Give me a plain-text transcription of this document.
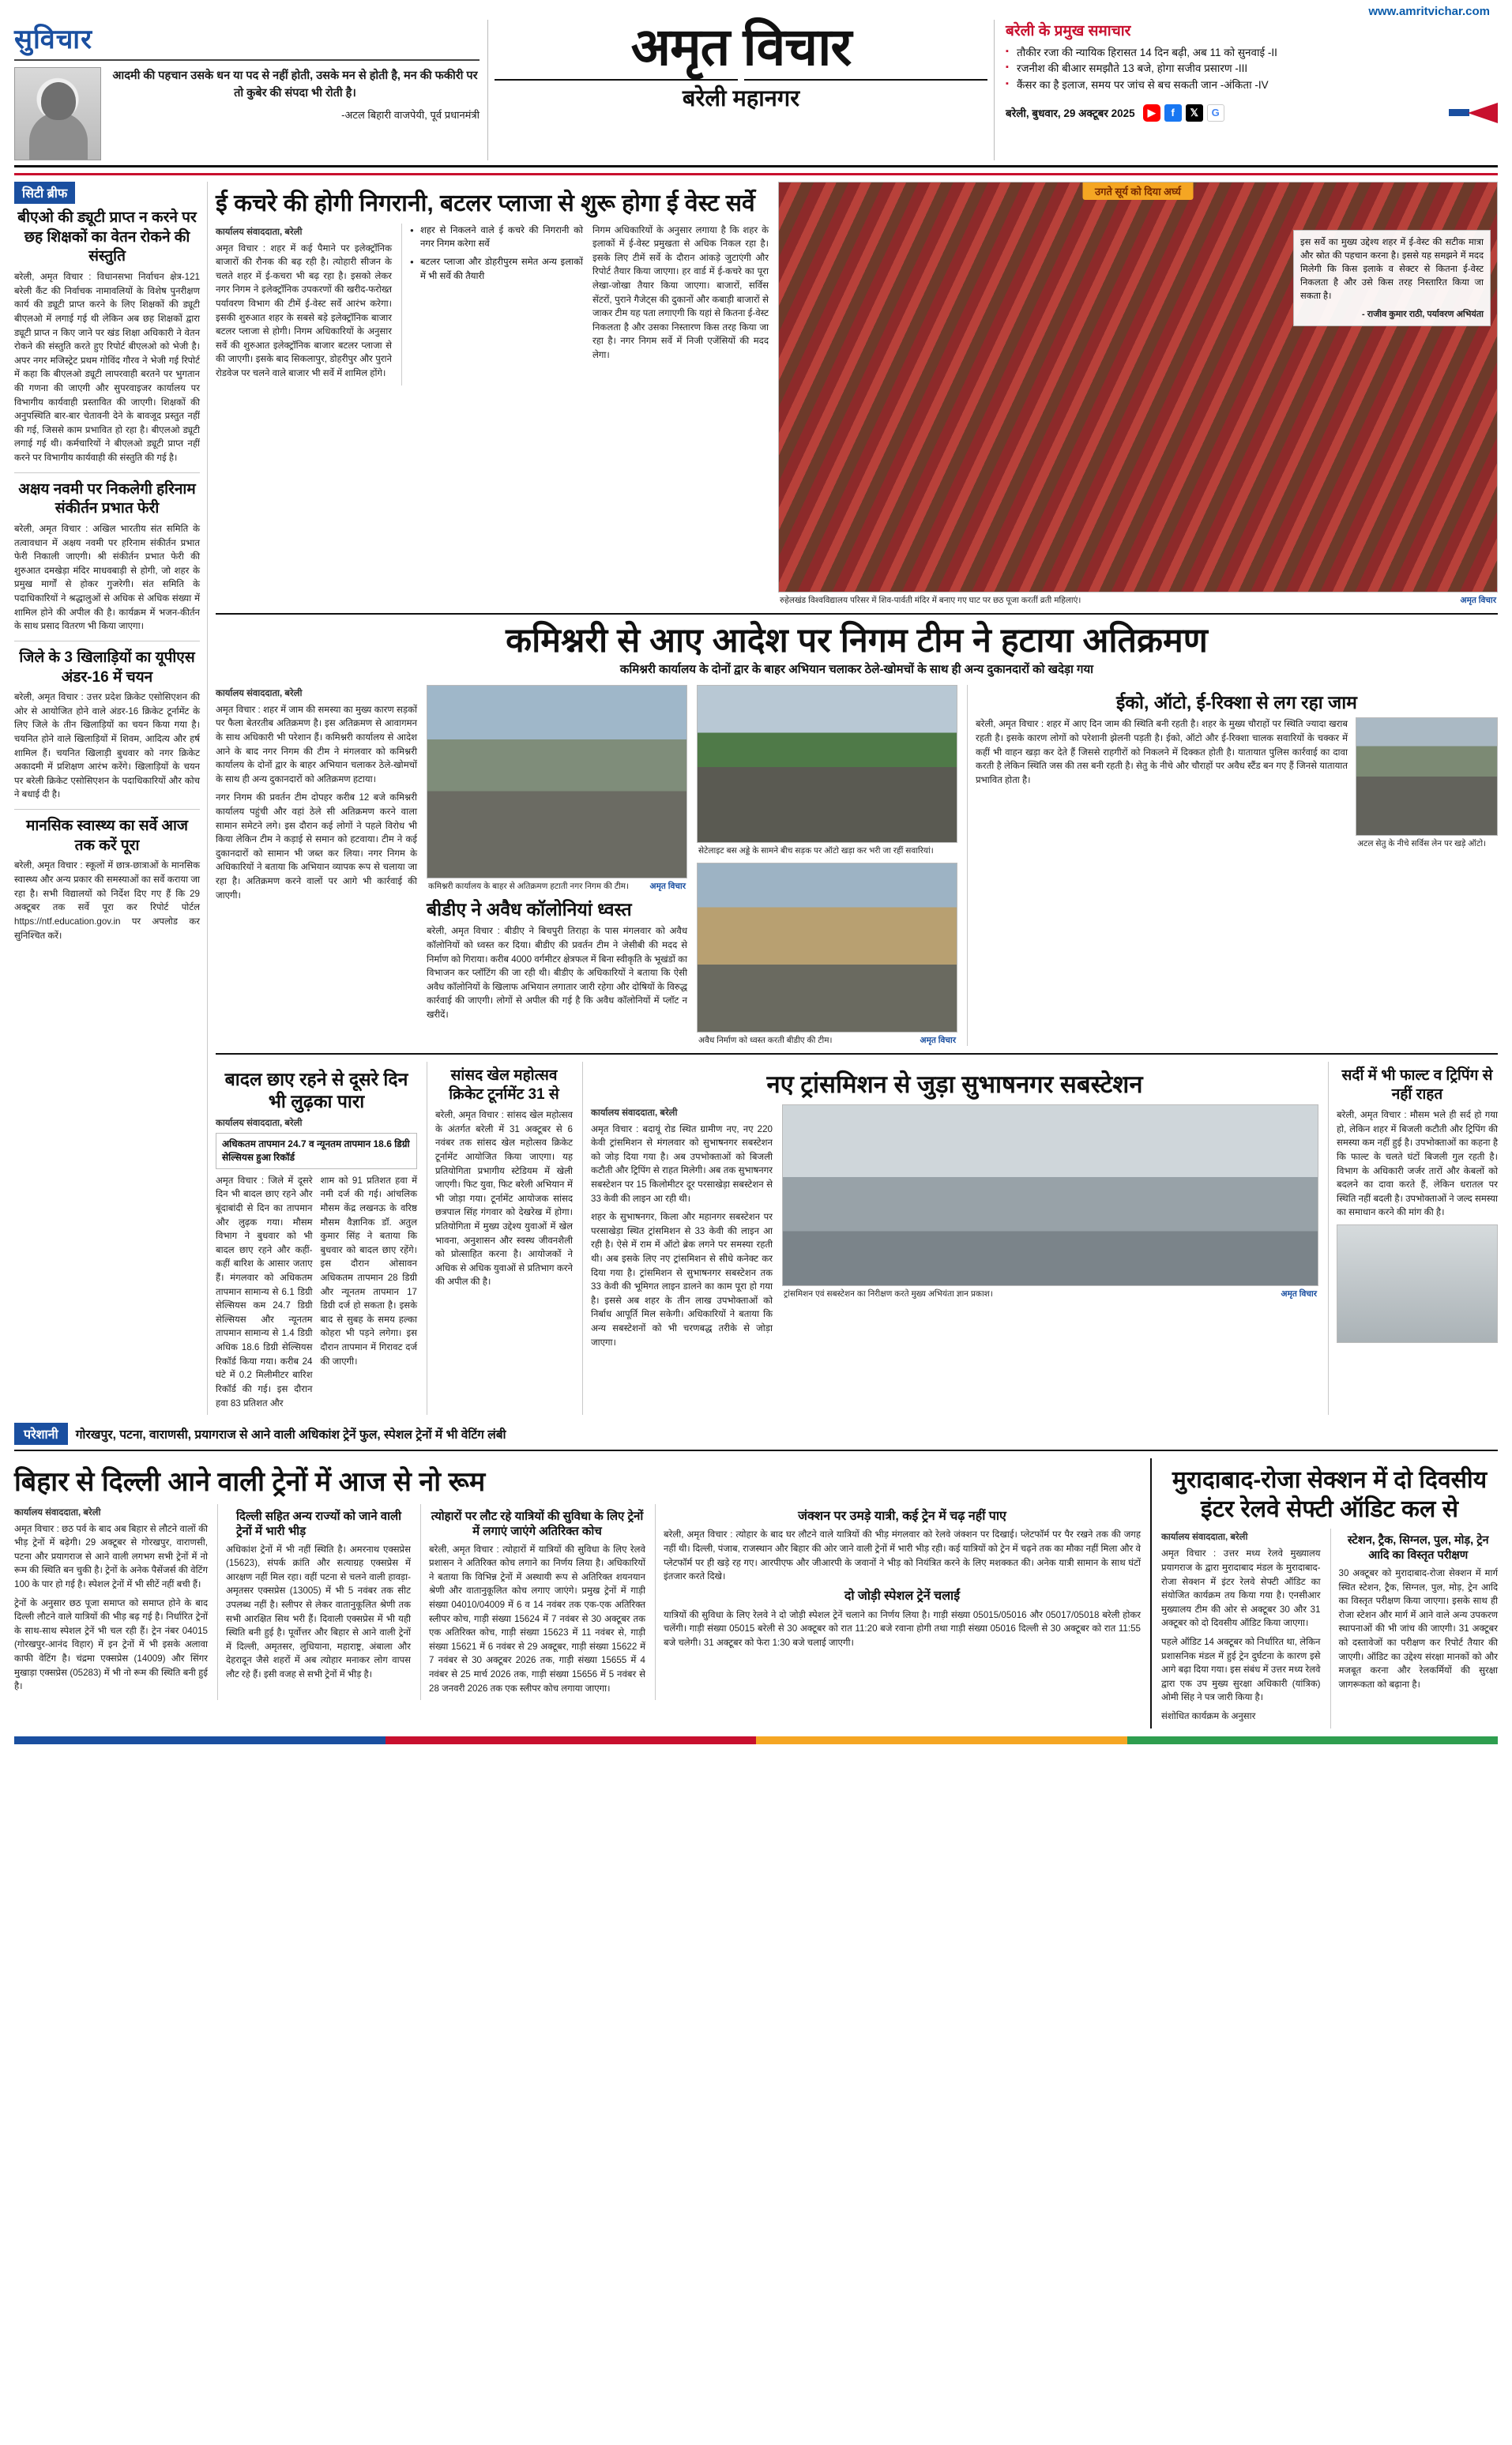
www.amritvichar.com
सुविचार
आदमी की पहचान उसके धन या पद से नहीं होती, उसके मन से होती है, मन की फकीरी पर तो कुबेर की संपदा भी रोती है।
-अटल बिहारी वाजपेयी, पूर्व प्रधानमंत्री
अमृत विचार
बरेली महानगर
बरेली के प्रमुख समाचार
▪ तौकीर रजा की न्यायिक हिरासत 14 दिन बढ़ी, अब 11 को सुनवाई -II
▪ रजनीश की बीआर समझौते 13 बजे, होगा सजीव प्रसारण -III
▪ कैंसर का है इलाज, समय पर जांच से बच सकती जान -अंकिता -IV
बरेली, बुधवार, 29 अक्टूबर 2025	▶	f	𝕏	G
सिटी ब्रीफ
बीएओ की ड्यूटी प्राप्त न करने पर छह शिक्षकों का वेतन रोकने की संस्तुति

बरेली, अमृत विचार : विधानसभा निर्वाचन क्षेत्र-121 बरेली कैंट की निर्वाचक नामावलियों के विशेष पुनरीक्षण कार्य की ड्यूटी प्राप्त करने के लिए शिक्षकों की ड्यूटी बीएलओ में लगाई गई थी लेकिन अब छह शिक्षकों द्वारा ड्यूटी प्राप्त न किए जाने पर खंड शिक्षा अधिकारी ने वेतन रोकने की संस्तुति करते हुए रिपोर्ट बीएलओ को भेजी है। अपर नगर मजिस्ट्रेट प्रथम गोविंद गौरव ने भेजी गई रिपोर्ट में कहा कि बीएलओ ड्यूटी लापरवाही बरतने पर भुगतान की गणना की जाएगी और सुपरवाइजर कार्यालय पर विभागीय कार्यवाही प्रस्तावित की जाएगी। शिक्षकों की अनुपस्थिति बार-बार चेतावनी देने के बावजूद प्रस्तुत नहीं की गई, जिससे काम प्रभावित हो रहा है। बीएलओ ड्यूटी लगाई गई थी। कर्मचारियों ने बीएलओ ड्यूटी प्राप्त नहीं करने पर विभागीय कार्यवाही की संस्तुति की गई है।

अक्षय नवमी पर निकलेगी हरिनाम संकीर्तन प्रभात फेरी

बरेली, अमृत विचार : अखिल भारतीय संत समिति के तत्वावधान में अक्षय नवमी पर हरिनाम संकीर्तन प्रभात फेरी निकाली जाएगी। श्री संकीर्तन प्रभात फेरी की शुरुआत दमखेड़ा मंदिर माधवबाड़ी से होगी, जो शहर के प्रमुख मार्गों से होकर गुजरेगी। संत समिति के पदाधिकारियों ने श्रद्धालुओं से अधिक से अधिक संख्या में शामिल होने की अपील की है। कार्यक्रम में भजन-कीर्तन के साथ प्रसाद वितरण भी किया जाएगा।

जिले के 3 खिलाड़ियों का यूपीएस अंडर-16 में चयन

बरेली, अमृत विचार : उत्तर प्रदेश क्रिकेट एसोसिएशन की ओर से आयोजित होने वाले अंडर-16 क्रिकेट टूर्नामेंट के लिए जिले के तीन खिलाड़ियों का चयन किया गया है। चयनित होने वाले खिलाड़ियों में शिवम, आदित्य और हर्ष शामिल हैं। चयनित खिलाड़ी बुधवार को नगर क्रिकेट अकादमी में प्रशिक्षण आरंभ करेंगे। खिलाड़ियों के चयन पर बरेली क्रिकेट एसोसिएशन के पदाधिकारियों और कोच ने बधाई दी है।

मानसिक स्वास्थ्य का सर्वे आज तक करें पूरा

बरेली, अमृत विचार : स्कूलों में छात्र-छात्राओं के मानसिक स्वास्थ्य और अन्य प्रकार की समस्याओं का सर्वे कराया जा रहा है। सभी विद्यालयों को निर्देश दिए गए हैं कि 29 अक्टूबर तक सर्वे पूरा कर रिपोर्ट पोर्टल https://ntf.education.gov.in पर अपलोड कर सुनिश्चित करें।

ई कचरे की होगी निगरानी, बटलर प्लाजा से शुरू होगा ई वेस्ट सर्वे
कार्यालय संवाददाता, बरेली

अमृत विचार : शहर में कई पैमाने पर इलेक्ट्रॉनिक बाजारों की रौनक की बढ़ रही है। त्योहारी सीजन के चलते शहर में ई-कचरा भी बढ़ रहा है। इसको लेकर नगर निगम ने इलेक्ट्रॉनिक उपकरणों की खरीद-फरोख्त पर्यावरण विभाग की टीमें ई-वेस्ट सर्वे आरंभ करेगा। इसकी शुरुआत शहर के सबसे बड़े इलेक्ट्रॉनिक बाजार बटलर प्लाजा से होगी। निगम अधिकारियों के अनुसार सर्वे की शुरुआत इलेक्ट्रॉनिक बाजार बटलर प्लाजा से की जाएगी। इसके बाद सिकलापुर, डोहरीपुर और पुराने रोडवेज पर चलने वाले बाजार भी सर्वे में शामिल होंगे।

● शहर से निकलने वाले ई कचरे की निगरानी को नगर निगम करेगा सर्वे
● बटलर प्लाजा और डोहरीपुरम समेत अन्य इलाकों में भी सर्वे की तैयारी

निगम अधिकारियों के अनुसार लगाया है कि शहर के इलाकों में ई-वेस्ट प्रमुखता से अधिक निकल रहा है। इसके लिए टीमें सर्वे के दौरान आंकड़े जुटाएंगी और रिपोर्ट तैयार किया जाएगा। हर वार्ड में ई-कचरे का पूरा लेखा-जोखा तैयार किया जाएगा। बाजारों, सर्विस सेंटरों, पुराने गैजेट्स की दुकानों और कबाड़ी बाजारों से जाकर टीम यह पता लगाएगी कि यहां से कितना ई-वेस्ट निकलता है और उसका निस्तारण किस तरह किया जा रहा है। नगर निगम सर्वे में निजी एजेंसियों की मदद लेगा।

उगते सूर्य को दिया अर्घ्य

इस सर्वे का मुख्य उद्देश्य शहर में ई-वेस्ट की सटीक मात्रा और स्रोत की पहचान करना है। इससे यह समझने में मदद मिलेगी कि किस इलाके व सेक्टर से कितना ई-वेस्ट निकलता है और उसे किस तरह निस्तारित किया जा सकता है।

- राजीव कुमार राठी, पर्यावरण अभियंता
रुहेलखंड विश्वविद्यालय परिसर में शिव-पार्वती मंदिर में बनाए गए घाट पर छठ पूजा करतीं व्रती महिलाएं।	अमृत विचार
कमिश्नरी से आए आदेश पर निगम टीम ने हटाया अतिक्रमण
कमिश्नरी कार्यालय के दोनों द्वार के बाहर अभियान चलाकर ठेले-खोमचों के साथ ही अन्य दुकानदारों को खदेड़ा गया
कार्यालय संवाददाता, बरेली

अमृत विचार : शहर में जाम की समस्या का मुख्य कारण सड़कों पर फैला बेतरतीब अतिक्रमण है। इस अतिक्रमण से आवागमन के साथ अधिकारी भी परेशान हैं। कमिश्नरी कार्यालय से आदेश आने के बाद नगर निगम की टीम ने मंगलवार को कमिश्नरी कार्यालय के दोनों द्वार के बाहर अभियान चलाकर ठेले-खोमचों के साथ ही अन्य दुकानदारों को अतिक्रमण हटाया।

नगर निगम की प्रवर्तन टीम दोपहर करीब 12 बजे कमिश्नरी कार्यालय पहुंची और वहां ठेले सी अतिक्रमण करने वाला सामान समेटने लगे। इस दौरान कई लोगों ने पहले विरोध भी किया लेकिन टीम ने कड़ाई से समान को हटवाया। टीम ने कई दुकानदारों को सामान भी जब्त कर लिया। नगर निगम के अधिकारियों ने बताया कि अभियान व्यापक रूप से चलाया जा रहा है। अतिक्रमण करने वालों पर आगे भी कार्रवाई की जाएगी।

कमिश्नरी कार्यालय के बाहर से अतिक्रमण हटाती नगर निगम की टीम।	अमृत विचार
बीडीए ने अवैध कॉलोनियां ध्वस्त

बरेली, अमृत विचार : बीडीए ने बिचपुरी तिराहा के पास मंगलवार को अवैध कॉलोनियों को ध्वस्त कर दिया। बीडीए की प्रवर्तन टीम ने जेसीबी की मदद से निर्माण को गिराया। करीब 4000 वर्गमीटर क्षेत्रफल में बिना स्वीकृति के भूखंडों का विभाजन कर प्लॉटिंग की जा रही थी। बीडीए के अधिकारियों ने बताया कि ऐसी अवैध कॉलोनियों के खिलाफ अभियान लगातार जारी रहेगा और दोषियों के विरुद्ध कार्रवाई की जाएगी। लोगों से अपील की गई है कि अवैध कॉलोनियों में प्लॉट न खरीदें।

सेटेलाइट बस अड्डे के सामने बीच सड़क पर ऑटो खड़ा कर भरी जा रहीं सवारियां।
अवैध निर्माण को ध्वस्त करती बीडीए की टीम।	अमृत विचार
ईको, ऑटो, ई-रिक्शा से लग रहा जाम

बरेली, अमृत विचार : शहर में आए दिन जाम की स्थिति बनी रहती है। शहर के मुख्य चौराहों पर स्थिति ज्यादा खराब रहती है। इसके कारण लोगों को परेशानी झेलनी पड़ती है। ईको, ऑटो और ई-रिक्शा चालक सवारियों के चक्कर में कहीं भी वाहन खड़ा कर देते हैं जिससे राहगीरों को निकलने में दिक्कत होती है। यातायात पुलिस कार्रवाई का दावा करती है लेकिन स्थिति जस की तस बनी रहती है। सेतु के नीचे और चौराहों पर अवैध स्टैंड बन गए हैं जिनसे यातायात प्रभावित होता है।

अटल सेतु के नीचे सर्विस लेन पर खड़े ऑटो।
बादल छाए रहने से दूसरे दिन भी लुढ़का पारा
कार्यालय संवाददाता, बरेली
अधिकतम तापमान 24.7 व न्यूनतम तापमान 18.6 डिग्री सेल्सियस हुआ रिकॉर्ड

अमृत विचार : जिले में दूसरे दिन भी बादल छाए रहने और बूंदाबांदी से दिन का तापमान और लुढ़क गया। मौसम विभाग ने बुधवार को भी बादल छाए रहने और कहीं-कहीं बारिश के आसार जताए हैं। मंगलवार को अधिकतम तापमान सामान्य से 6.1 डिग्री सेल्सियस कम 24.7 डिग्री सेल्सियस और न्यूनतम तापमान सामान्य से 1.4 डिग्री अधिक 18.6 डिग्री सेल्सियस रिकॉर्ड किया गया। करीब 24 घंटे में 0.2 मिलीमीटर बारिश रिकॉर्ड की गई। इस दौरान हवा 83 प्रतिशत और

शाम को 91 प्रतिशत हवा में नमी दर्ज की गई। आंचलिक मौसम केंद्र लखनऊ के वरिष्ठ मौसम वैज्ञानिक डॉ. अतुल कुमार सिंह ने बताया कि बुधवार को बादल छाए रहेंगे। इस दौरान ओसावन अधिकतम तापमान 28 डिग्री और न्यूनतम तापमान 17 डिग्री दर्ज हो सकता है। इसके बाद से सुबह के समय हल्का कोहरा भी पड़ने लगेगा। इस दौरान तापमान में गिरावट दर्ज की जाएगी।

सांसद खेल महोत्सव क्रिकेट टूर्नामेंट 31 से

बरेली, अमृत विचार : सांसद खेल महोत्सव के अंतर्गत बरेली में 31 अक्टूबर से 6 नवंबर तक सांसद खेल महोत्सव क्रिकेट टूर्नामेंट आयोजित किया जाएगा। यह प्रतियोगिता प्रभागीय स्टेडियम में खेली जाएगी। फिट युवा, फिट बरेली अभियान में भी जोड़ा गया। टूर्नामेंट आयोजक सांसद छत्रपाल सिंह गंगवार को देखरेख में होगा। प्रतियोगिता में मुख्य उद्देश्य युवाओं में खेल भावना, अनुशासन और स्वस्थ जीवनशैली को प्रोत्साहित करना है। आयोजकों ने अधिक से अधिक युवाओं से प्रतिभाग करने की अपील की है।

नए ट्रांसमिशन से जुड़ा सुभाषनगर सबस्टेशन
कार्यालय संवाददाता, बरेली

अमृत विचार : बदायूं रोड स्थित ग्रामीण नए, नए 220 केवी ट्रांसमिशन से मंगलवार को सुभाषनगर सबस्टेशन को जोड़ दिया गया है। अब उपभोक्ताओं को बिजली कटौती और ट्रिपिंग से राहत मिलेगी। अब तक सुभाषनगर सबस्टेशन पर 15 किलोमीटर दूर परसाखेड़ा सबस्टेशन से 33 केवी की लाइन आ रही थी।

शहर के सुभाषनगर, किला और महानगर सबस्टेशन पर परसाखेड़ा स्थित ट्रांसमिशन से 33 केवी की लाइन आ रही है। ऐसे में राम में ऑटो ब्रेक लगने पर समस्या रहती थी। अब इसके लिए नए ट्रांसमिशन से सीधे कनेक्ट कर दिया गया है। ट्रांसमिशन से सुभाषनगर सबस्टेशन तक 33 केवी की भूमिगत लाइन डालने का काम पूरा हो गया है। इससे अब शहर के तीन लाख उपभोक्ताओं को निर्बाध आपूर्ति मिल सकेगी। अधिकारियों ने बताया कि अन्य सबस्टेशनों को भी चरणबद्ध तरीके से जोड़ा जाएगा।

ट्रांसमिशन एवं सबस्टेशन का निरीक्षण करते मुख्य अभियंता ज्ञान प्रकाश।	अमृत विचार
सर्दी में भी फाल्ट व ट्रिपिंग से नहीं राहत

बरेली, अमृत विचार : मौसम भले ही सर्द हो गया हो, लेकिन शहर में बिजली कटौती और ट्रिपिंग की समस्या कम नहीं हुई है। उपभोक्ताओं का कहना है कि फाल्ट के चलते घंटों बिजली गुल रहती है। विभाग के अधिकारी जर्जर तारों और केबलों को बदलने का दावा करते हैं, लेकिन धरातल पर स्थिति नहीं बदली है। उपभोक्ताओं ने जल्द समस्या का समाधान करने की मांग की है।

परेशानी	गोरखपुर, पटना, वाराणसी, प्रयागराज से आने वाली अधिकांश ट्रेनें फुल, स्पेशल ट्रेनों में भी वेटिंग लंबी
बिहार से दिल्ली आने वाली ट्रेनों में आज से नो रूम
कार्यालय संवाददाता, बरेली

अमृत विचार : छठ पर्व के बाद अब बिहार से लौटने वालों की भीड़ ट्रेनों में बढ़ेगी। 29 अक्टूबर से गोरखपुर, वाराणसी, पटना और प्रयागराज से आने वाली लगभग सभी ट्रेनों में नो रूम की स्थिति बन चुकी है। ट्रेनों के अनेक पैसेंजर्स की वेटिंग 100 के पार हो गई है। स्पेशल ट्रेनों में भी सीटें नहीं बची हैं।

ट्रेनों के अनुसार छठ पूजा समाप्त को समाप्त होने के बाद दिल्ली लौटने वाले यात्रियों की भीड़ बढ़ गई है। निर्धारित ट्रेनों के साथ-साथ स्पेशल ट्रेनें भी चल रही हैं। ट्रेन नंबर 04015 (गोरखपुर-आनंद विहार) में इन ट्रेनों में भी इसके अलावा काफी वेटिंग है। चंद्रमा एक्सप्रेस (14009) और सिंगर मुखाड़ा एक्सप्रेस (05283) में भी नो रूम की स्थिति बनी हुई है।

दिल्ली सहित अन्य राज्यों को जाने वाली ट्रेनों में भारी भीड़

अधिकांश ट्रेनों में भी नहीं स्थिति है। अमरनाथ एक्सप्रेस (15623), संपर्क क्रांति और सत्याग्रह एक्सप्रेस में आरक्षण नहीं मिल रहा। वहीं पटना से चलने वाली हावड़ा-अमृतसर एक्सप्रेस (13005) में भी 5 नवंबर तक सीट उपलब्ध नहीं है। स्लीपर से लेकर वातानुकूलित श्रेणी तक सभी आरक्षित सिथ भरी हैं। दिवाली एक्सप्रेस में भी यही स्थिति बनी हुई है। पूर्वोत्तर और बिहार से आने वाली ट्रेनों में दिल्ली, अमृतसर, लुधियाना, महाराष्ट्र, अंबाला और देहरादून जैसे शहरों में अब त्योहार मनाकर लोग वापस लौट रहे हैं। इसी वजह से सभी ट्रेनों में भीड़ है।

त्योहारों पर लौट रहे यात्रियों की सुविधा के लिए ट्रेनों में लगाएं जाएंगे अतिरिक्त कोच

बरेली, अमृत विचार : त्योहारों में यात्रियों की सुविधा के लिए रेलवे प्रशासन ने अतिरिक्त कोच लगाने का निर्णय लिया है। अधिकारियों ने बताया कि विभिन्न ट्रेनों में अस्थायी रूप से अतिरिक्त शयनयान श्रेणी और वातानुकूलित कोच लगाए जाएंगे। प्रमुख ट्रेनों में गाड़ी संख्या 04010/04009 में 6 व 14 नवंबर तक एक-एक अतिरिक्त स्लीपर कोच, गाड़ी संख्या 15624 में 7 नवंबर से 30 अक्टूबर तक एक अतिरिक्त कोच, गाड़ी संख्या 15623 में 11 नवंबर से, गाड़ी संख्या 15621 में 6 नवंबर से 29 अक्टूबर, गाड़ी संख्या 15622 में 7 नवंबर से 30 अक्टूबर 2026 तक, गाड़ी संख्या 15655 में 4 नवंबर से 25 मार्च 2026 तक, गाड़ी संख्या 15656 में 5 नवंबर से 28 जनवरी 2026 तक एक स्लीपर कोच लगाया जाएगा।

जंक्शन पर उमड़े यात्री, कई ट्रेन में चढ़ नहीं पाए

बरेली, अमृत विचार : त्योहार के बाद घर लौटने वाले यात्रियों की भीड़ मंगलवार को रेलवे जंक्शन पर दिखाई। प्लेटफॉर्म पर पैर रखने तक की जगह नहीं थी। दिल्ली, पंजाब, राजस्थान और बिहार की ओर जाने वाली ट्रेनों में भारी भीड़ रही। कई यात्रियों को ट्रेन में चढ़ने तक का मौका नहीं मिला और वे प्लेटफॉर्म पर ही खड़े रह गए। आरपीएफ और जीआरपी के जवानों ने भीड़ को नियंत्रित करने के लिए मशक्कत की। अनेक यात्री सामान के साथ घंटों इंतजार करते दिखे।

दो जोड़ी स्पेशल ट्रेनें चलाईं

यात्रियों की सुविधा के लिए रेलवे ने दो जोड़ी स्पेशल ट्रेनें चलाने का निर्णय लिया है। गाड़ी संख्या 05015/05016 और 05017/05018 बरेली होकर चलेंगी। गाड़ी संख्या 05015 बरेली से 30 अक्टूबर को रात 11:20 बजे रवाना होगी तथा गाड़ी संख्या 05016 दिल्ली से 30 अक्टूबर को रात 11:55 बजे चलेगी। 31 अक्टूबर को फेरा 1:30 बजे चलाई जाएगी।

मुरादाबाद-रोजा सेक्शन में दो दिवसीय इंटर रेलवे सेफ्टी ऑडिट कल से
कार्यालय संवाददाता, बरेली

अमृत विचार : उत्तर मध्य रेलवे मुख्यालय प्रयागराज के द्वारा मुरादाबाद मंडल के मुरादाबाद-रोजा सेक्शन में इंटर रेलवे सेफ्टी ऑडिट का संयोजित कार्यक्रम तय किया गया है। एनसीआर मुख्यालय टीम की ओर से अक्टूबर 30 और 31 अक्टूबर को दो दिवसीय ऑडिट किया जाएगा।

पहले ऑडिट 14 अक्टूबर को निर्धारित था, लेकिन प्रशासनिक मंडल में हुई ट्रेन दुर्घटना के कारण इसे आगे बढ़ा दिया गया। इस संबंध में उत्तर मध्य रेलवे द्वारा एक उप मुख्य सुरक्षा अधिकारी (यांत्रिक) ओमी सिंह ने पत्र जारी किया है।

संशोधित कार्यक्रम के अनुसार

स्टेशन, ट्रैक, सिग्नल, पुल, मोड़, ट्रेन आदि का विस्तृत परीक्षण

30 अक्टूबर को मुरादाबाद-रोजा सेक्शन में मार्ग स्थित स्टेशन, ट्रैक, सिग्नल, पुल, मोड़, ट्रेन आदि का विस्तृत परीक्षण किया जाएगा। इसके साथ ही रोजा स्टेशन और मार्ग में आने वाले अन्य उपकरण स्थापनाओं की भी जांच की जाएगी। 31 अक्टूबर को दस्तावेजों का परीक्षण कर रिपोर्ट तैयार की जाएगी। ऑडिट का उद्देश्य संरक्षा मानकों को और मजबूत करना और रेलकर्मियों की सुरक्षा जागरूकता को बढ़ाना है।
